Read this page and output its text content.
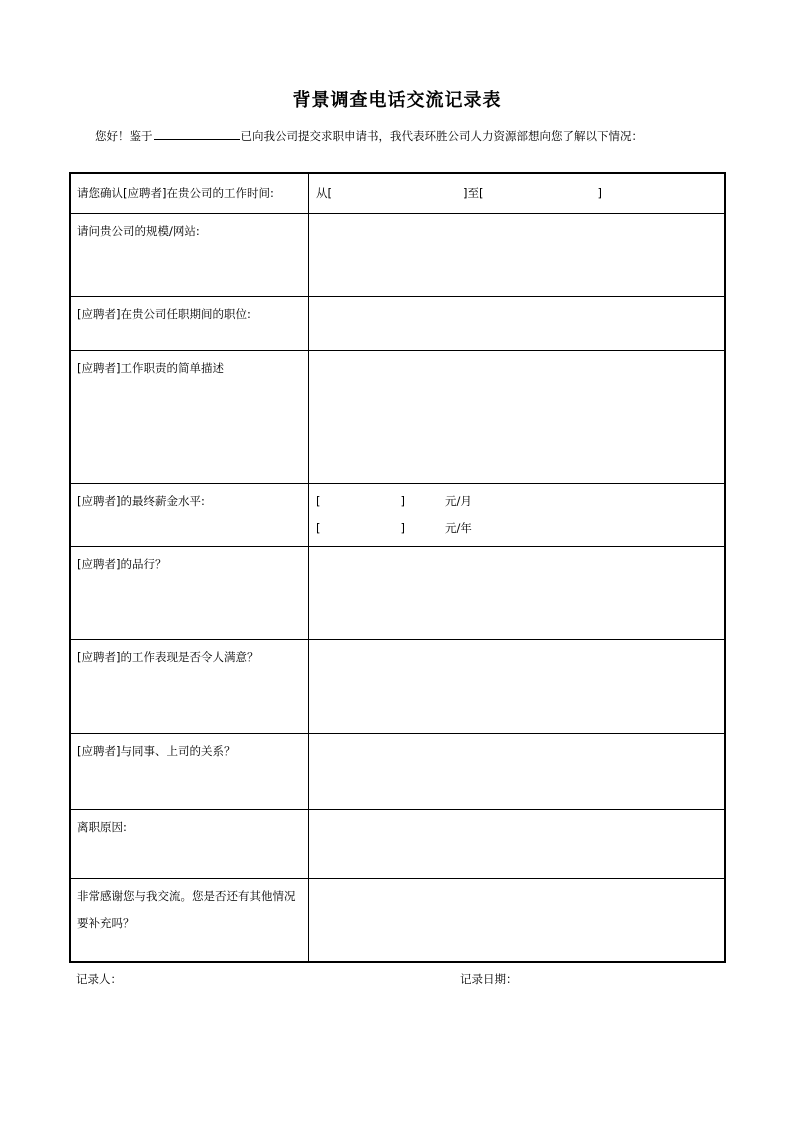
背景调查电话交流记录表
您好！鉴于	已向我公司提交求职申请书，我代表环胜公司人力资源部想向您了解以下情况：
请您确认[应聘者]在贵公司的工作时间:	从[	]至[	]
请问贵公司的规模/网站:
[应聘者]在贵公司任职期间的职位:
[应聘者]工作职责的简单描述
[应聘者]的最终薪金水平:	[	]	元/月
[	]	元/年
[应聘者]的品行？
[应聘者]的工作表现是否令人满意？
[应聘者]与同事、上司的关系？
离职原因:
非常感谢您与我交流。您是否还有其他情况
要补充吗？
记录人：	记录日期：
